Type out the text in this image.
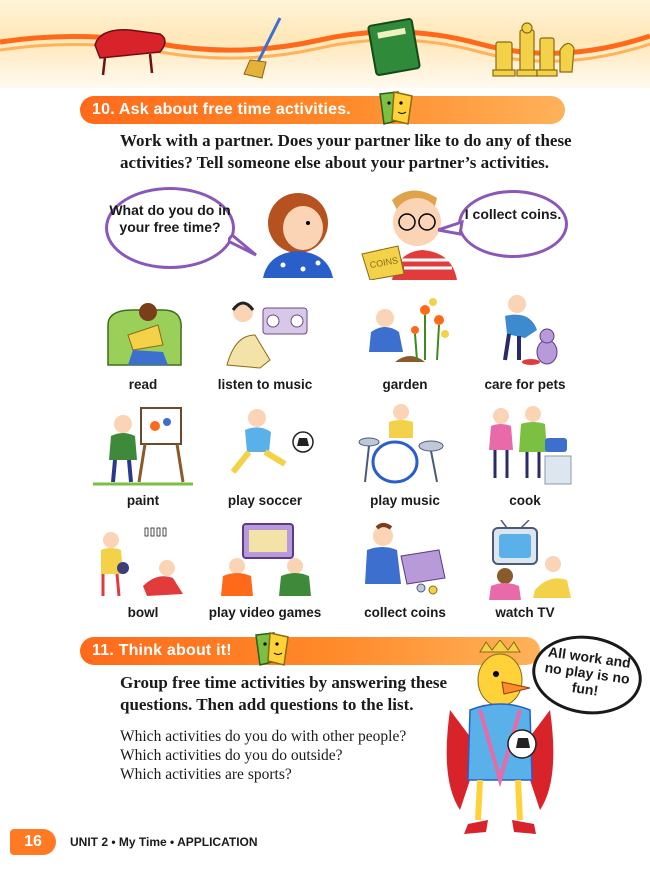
10. Ask about free time activities.
Work with a partner. Does your partner like to do any of these activities? Tell someone else about your partner’s activities.
What do you do in your free time?
COINS
I collect coins.
read	listen to music	garden	care for pets
paint	play soccer	play music	cook
bowl	play video games	collect coins	watch TV
11. Think about it!
Group free time activities by answering these questions. Then add questions to the list.
Which activities do you do with other people?
Which activities do you do outside?
Which activities are sports?
All work and no play is no fun!
16	UNIT 2 • My Time • APPLICATION
